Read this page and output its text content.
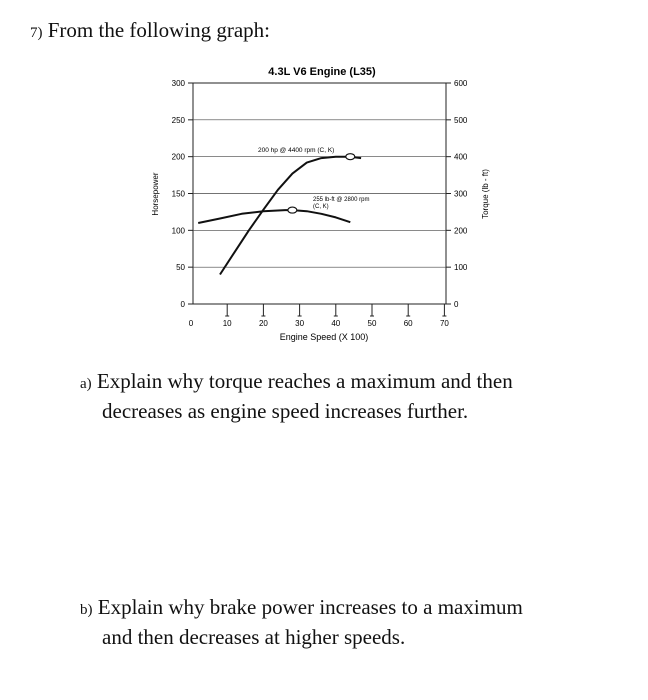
7) From the following graph:
4.3L V6 Engine (L35)
0
50
100
150
200
250
300
0
100
200
300
400
500
600
0	10	20	30	40	50	60	70
Engine Speed (X 100)
Horsepower	Torque (lb - ft)
200 hp @ 4400 rpm (C, K)
255 lb-ft @ 2800 rpm
(C, K)
a) Explain why torque reaches a maximum and then
decreases as engine speed increases further.
b) Explain why brake power increases to a maximum
and then decreases at higher speeds.
